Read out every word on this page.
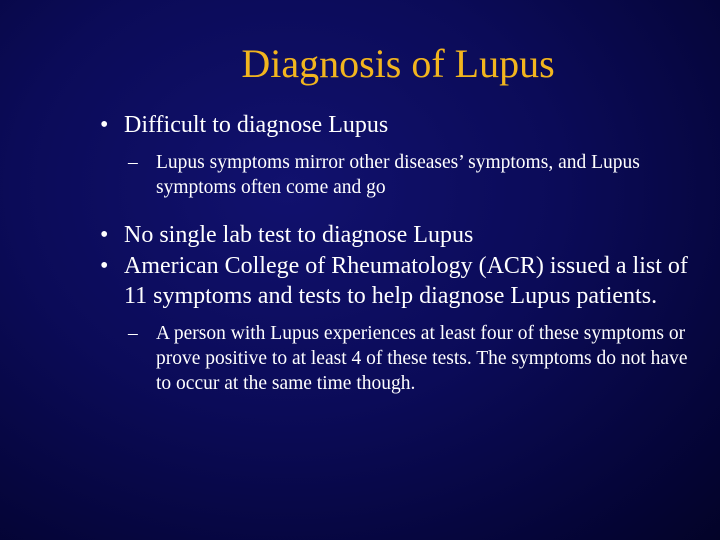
Diagnosis of Lupus
• Difficult to diagnose Lupus
– Lupus symptoms mirror other diseases’ symptoms, and Lupus symptoms often come and go
• No single lab test to diagnose Lupus
• American College of Rheumatology (ACR) issued a list of 11 symptoms and tests to help diagnose Lupus patients.
– A person with Lupus experiences at least four of these symptoms or prove positive to at least 4 of these tests. The symptoms do not have to occur at the same time though.
